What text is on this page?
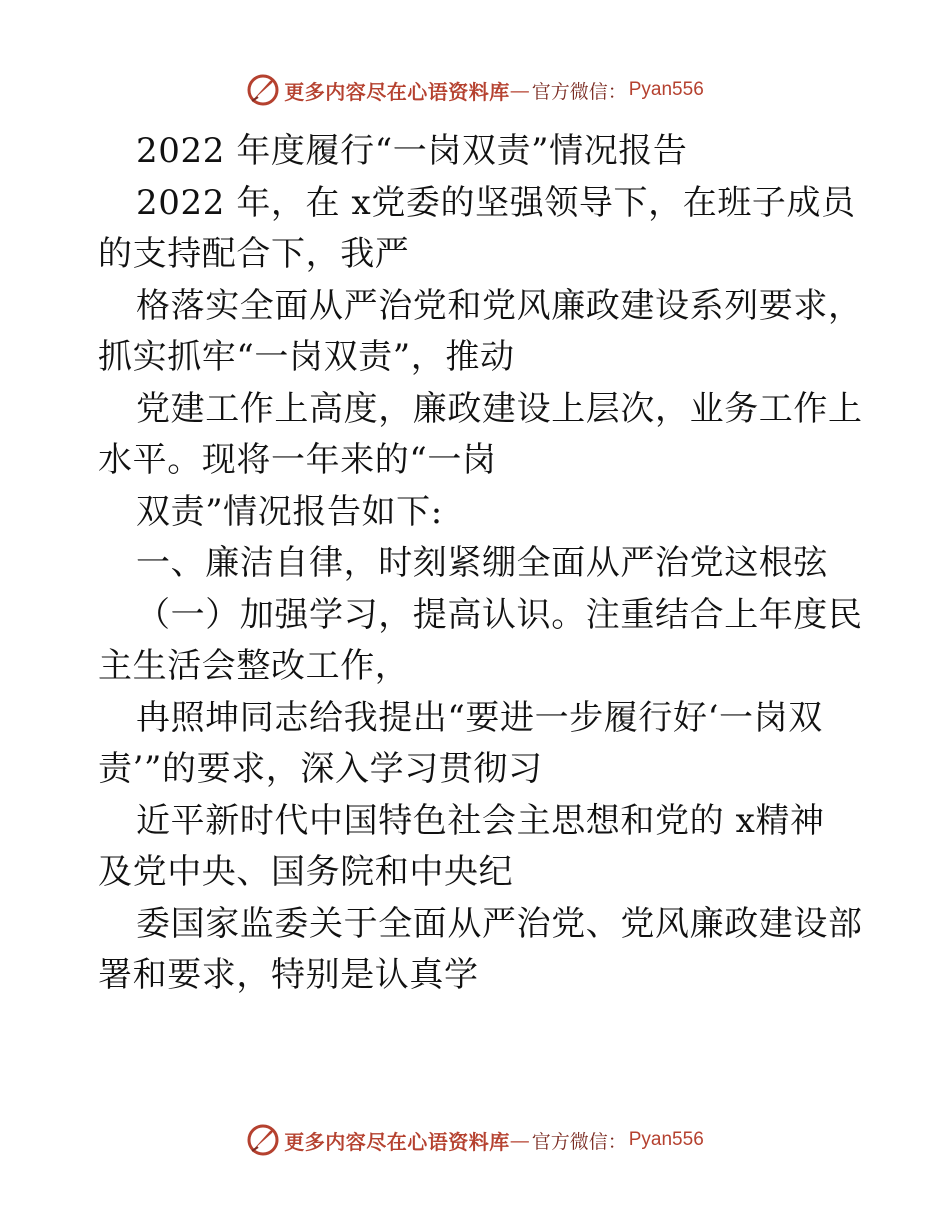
更多内容尽在心语资料库 — 官方微信： Pyan556
2022 年度履行“一岗双责”情况报告
2022 年，在 x党委的坚强领导下，在班子成员
的支持配合下，我严
格落实全面从严治党和党风廉政建设系列要求，
抓实抓牢“一岗双责”，推动
党建工作上高度，廉政建设上层次，业务工作上
水平。现将一年来的“一岗
双责”情况报告如下:
一、廉洁自律，时刻紧绷全面从严治党这根弦
（一）加强学习，提高认识。注重结合上年度民
主生活会整改工作，
冉照坤同志给我提出“要进一步履行好‘一岗双
责’”的要求，深入学习贯彻习
近平新时代中国特色社会主思想和党的 x精神
及党中央、国务院和中央纪
委国家监委关于全面从严治党、党风廉政建设部
署和要求，特别是认真学
更多内容尽在心语资料库 — 官方微信： Pyan556
